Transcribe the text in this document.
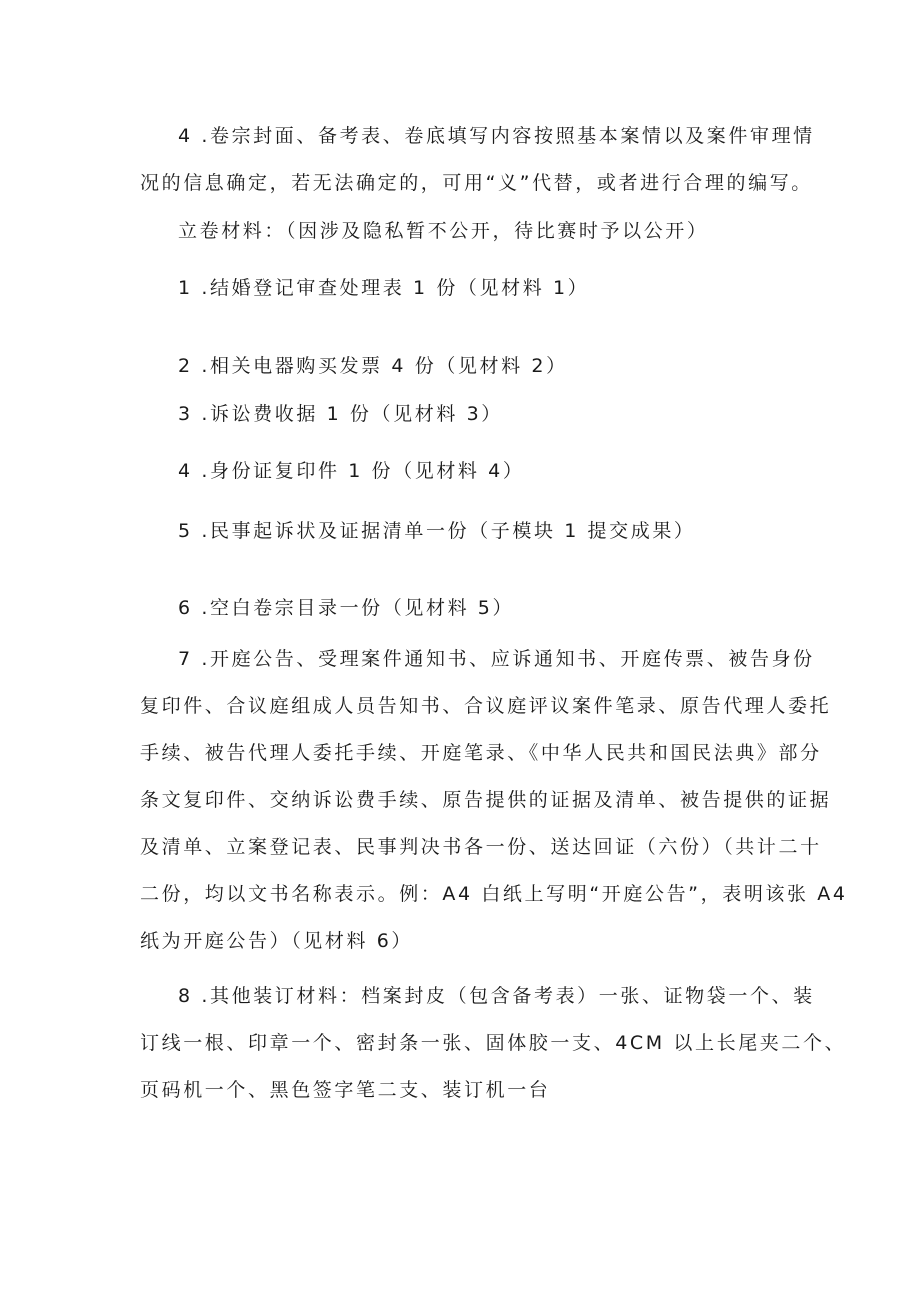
4 .卷宗封面、备考表、卷底填写内容按照基本案情以及案件审理情
况的信息确定，若无法确定的，可用“义”代替，或者进行合理的编写。

立卷材料：（因涉及隐私暂不公开，待比赛时予以公开）

1 .结婚登记审查处理表 1 份（见材料 1）

2 .相关电器购买发票 4 份（见材料 2）

3 .诉讼费收据 1 份（见材料 3）

4 .身份证复印件 1 份（见材料 4）

5 .民事起诉状及证据清单一份（子模块 1 提交成果）

6 .空白卷宗目录一份（见材料 5）

7 .开庭公告、受理案件通知书、应诉通知书、开庭传票、被告身份
复印件、合议庭组成人员告知书、合议庭评议案件笔录、原告代理人委托
手续、被告代理人委托手续、开庭笔录、《中华人民共和国民法典》部分
条文复印件、交纳诉讼费手续、原告提供的证据及清单、被告提供的证据
及清单、立案登记表、民事判决书各一份、送达回证（六份）（共计二十
二份，均以文书名称表示。例：A4 白纸上写明“开庭公告”，表明该张 A4
纸为开庭公告）（见材料 6）
8 .其他装订材料：档案封皮（包含备考表）一张、证物袋一个、装
订线一根、印章一个、密封条一张、固体胶一支、4CM 以上长尾夹二个、
页码机一个、黑色签字笔二支、装订机一台
